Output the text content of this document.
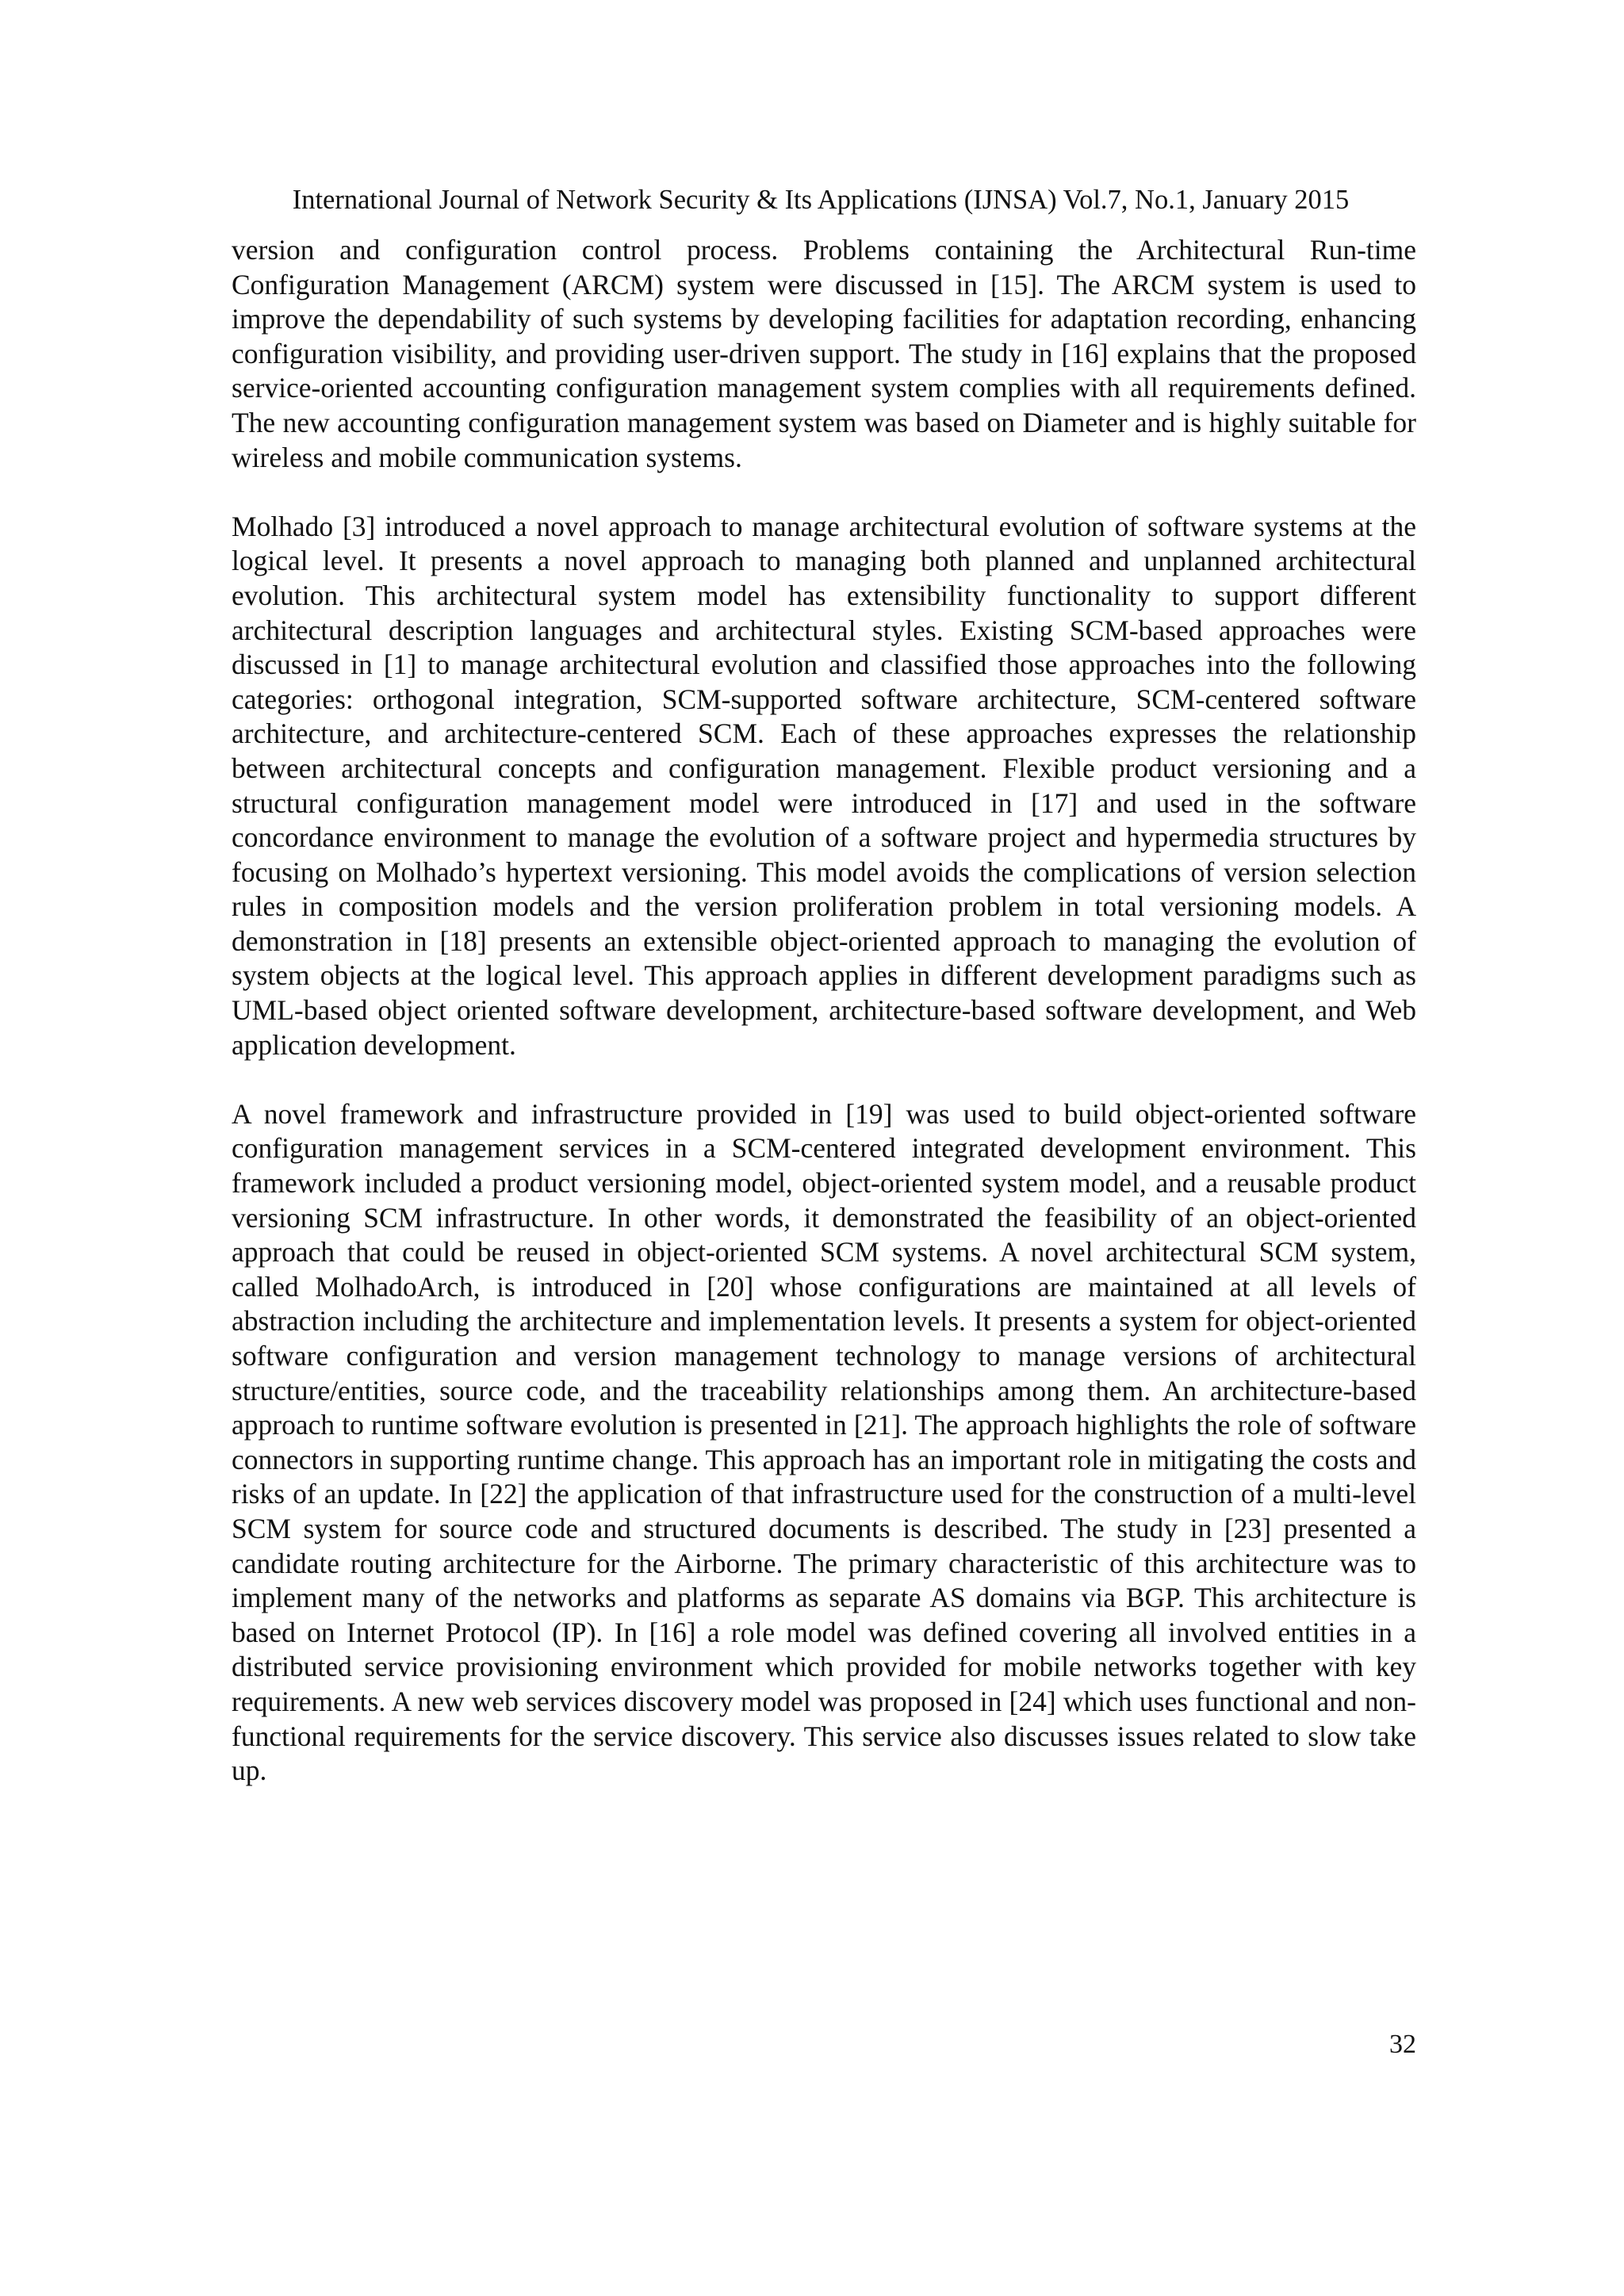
International Journal of Network Security & Its Applications (IJNSA) Vol.7, No.1, January 2015

version and configuration control process. Problems containing the Architectural Run-time Configuration Management (ARCM) system were discussed in [15]. The ARCM system is used to improve the dependability of such systems by developing facilities for adaptation recording, enhancing configuration visibility, and providing user-driven support. The study in [16] explains that the proposed service-oriented accounting configuration management system complies with all requirements defined. The new accounting configuration management system was based on Diameter and is highly suitable for wireless and mobile communication systems.

Molhado [3] introduced a novel approach to manage architectural evolution of software systems at the logical level. It presents a novel approach to managing both planned and unplanned architectural evolution. This architectural system model has extensibility functionality to support different architectural description languages and architectural styles. Existing SCM-based approaches were discussed in [1] to manage architectural evolution and classified those approaches into the following categories: orthogonal integration, SCM-supported software architecture, SCM-centered software architecture, and architecture-centered SCM. Each of these approaches expresses the relationship between architectural concepts and configuration management. Flexible product versioning and a structural configuration management model were introduced in [17] and used in the software concordance environment to manage the evolution of a software project and hypermedia structures by focusing on Molhado’s hypertext versioning. This model avoids the complications of version selection rules in composition models and the version proliferation problem in total versioning models. A demonstration in [18] presents an extensible object-oriented approach to managing the evolution of system objects at the logical level. This approach applies in different development paradigms such as UML-based object oriented software development, architecture-based software development, and Web application development.

A novel framework and infrastructure provided in [19] was used to build object-oriented software configuration management services in a SCM-centered integrated development environment. This framework included a product versioning model, object-oriented system model, and a reusable product versioning SCM infrastructure. In other words, it demonstrated the feasibility of an object-oriented approach that could be reused in object-oriented SCM systems. A novel architectural SCM system, called MolhadoArch, is introduced in [20] whose configurations are maintained at all levels of abstraction including the architecture and implementation levels. It presents a system for object-oriented software configuration and version management technology to manage versions of architectural structure/entities, source code, and the traceability relationships among them. An architecture-based approach to runtime software evolution is presented in [21]. The approach highlights the role of software connectors in supporting runtime change. This approach has an important role in mitigating the costs and risks of an update. In [22] the application of that infrastructure used for the construction of a multi-level SCM system for source code and structured documents is described. The study in [23] presented a candidate routing architecture for the Airborne. The primary characteristic of this architecture was to implement many of the networks and platforms as separate AS domains via BGP. This architecture is based on Internet Protocol (IP). In [16] a role model was defined covering all involved entities in a distributed service provisioning environment which provided for mobile networks together with key requirements. A new web services discovery model was proposed in [24] which uses functional and non-functional requirements for the service discovery. This service also discusses issues related to slow take up.

32
